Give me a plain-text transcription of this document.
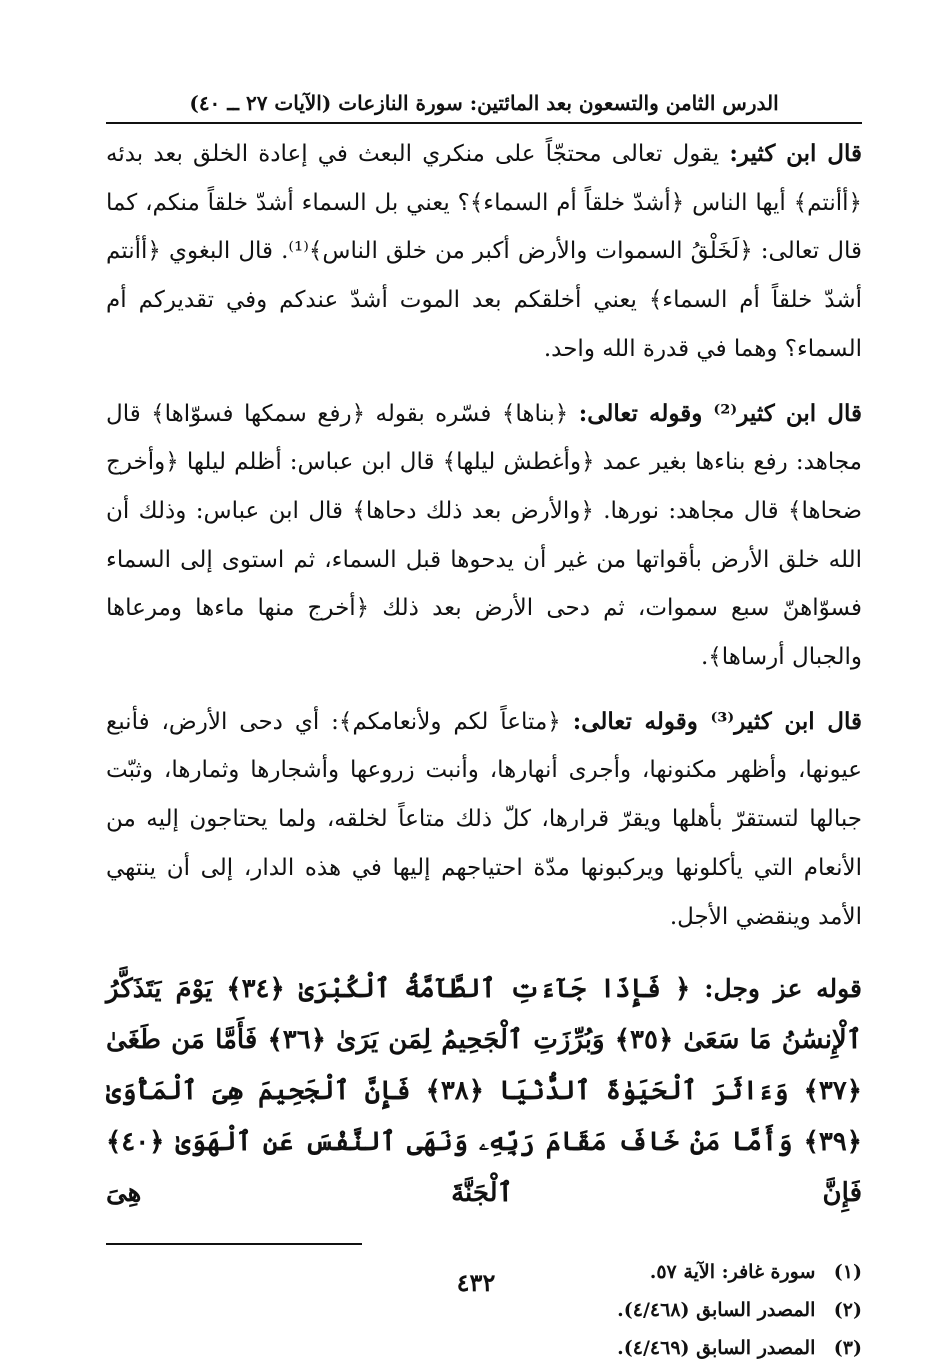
الدرس الثامن والتسعون بعد المائتين: سورة النازعات (الآيات ٢٧ ــ ٤٠)

قال ابن كثير: يقول تعالى محتجّاً على منكري البعث في إعادة الخلق بعد بدئه ﴿أأنتم﴾ أيها الناس ﴿أشدّ خلقاً أم السماء﴾؟ يعني بل السماء أشدّ خلقاً منكم، كما قال تعالى: ﴿لَخَلْقُ السموات والأرض أكبر من خلق الناس﴾⁽¹⁾. قال البغوي ﴿أأنتم أشدّ خلقاً أم السماء﴾ يعني أخلقكم بعد الموت أشدّ عندكم وفي تقديركم أم السماء؟ وهما في قدرة الله واحد.

قال ابن كثير⁽²⁾ وقوله تعالى: ﴿بناها﴾ فسّره بقوله ﴿رفع سمكها فسوّاها﴾ قال مجاهد: رفع بناءها بغير عمد ﴿وأغطش ليلها﴾ قال ابن عباس: أظلم ليلها ﴿وأخرج ضحاها﴾ قال مجاهد: نورها. ﴿والأرض بعد ذلك دحاها﴾ قال ابن عباس: وذلك أن الله خلق الأرض بأقواتها من غير أن يدحوها قبل السماء، ثم استوى إلى السماء فسوّاهنّ سبع سموات، ثم دحى الأرض بعد ذلك ﴿أخرج منها ماءها ومرعاها والجبال أرساها﴾.

قال ابن كثير⁽³⁾ وقوله تعالى: ﴿متاعاً لكم ولأنعامكم﴾: أي دحى الأرض، فأنبع عيونها، وأظهر مكنونها، وأجرى أنهارها، وأنبت زروعها وأشجارها وثمارها، وثبّت جبالها لتستقرّ بأهلها ويقرّ قرارها، كلّ ذلك متاعاً لخلقه، ولما يحتاجون إليه من الأنعام التي يأكلونها ويركبونها مدّة احتياجهم إليها في هذه الدار، إلى أن ينتهي الأمد وينقضي الأجل.

قوله عز وجل: ﴿ فَإِذَا جَآءَتِ ٱلطَّآمَّةُ ٱلْكُبْرَىٰ ﴿٣٤﴾ يَوْمَ يَتَذَكَّرُ ٱلْإِنسَٰنُ مَا سَعَىٰ ﴿٣٥﴾ وَبُرِّزَتِ ٱلْجَحِيمُ لِمَن يَرَىٰ ﴿٣٦﴾ فَأَمَّا مَن طَغَىٰ ﴿٣٧﴾ وَءَاثَرَ ٱلْحَيَوٰةَ ٱلدُّنْيَا ﴿٣٨﴾ فَإِنَّ ٱلْجَحِيمَ هِىَ ٱلْمَأْوَىٰ ﴿٣٩﴾ وَأَمَّا مَنْ خَافَ مَقَامَ رَبِّهِۦ وَنَهَى ٱلنَّفْسَ عَنِ ٱلْهَوَىٰ ﴿٤٠﴾ فَإِنَّ ٱلْجَنَّةَ هِىَ

(١) سورة غافر: الآية ٥٧.
(٢) المصدر السابق (٤/٤٦٨).
(٣) المصدر السابق (٤/٤٦٩).
٤٣٢
